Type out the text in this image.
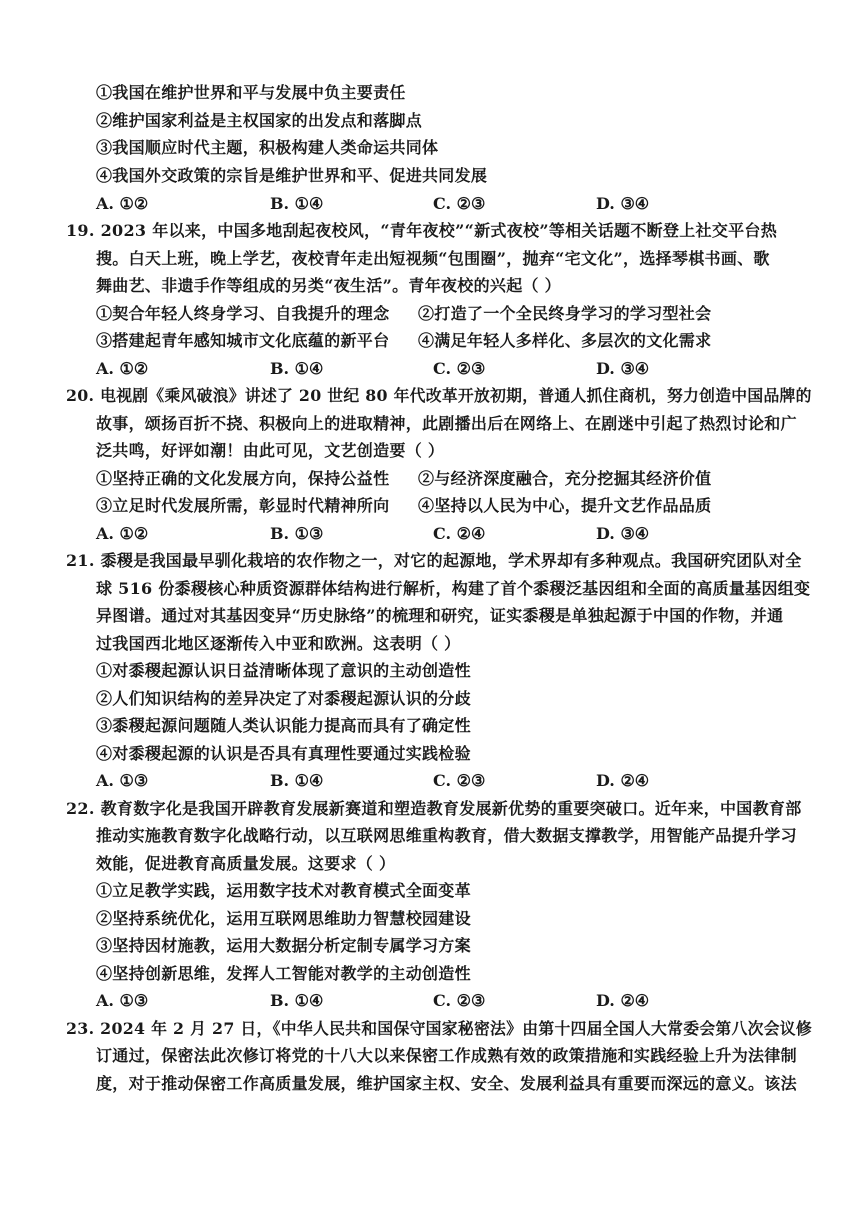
①我国在维护世界和平与发展中负主要责任
②维护国家利益是主权国家的出发点和落脚点
③我国顺应时代主题，积极构建人类命运共同体
④我国外交政策的宗旨是维护世界和平、促进共同发展
A. ①②	B. ①④	C. ②③	D. ③④
19. 2023 年以来，中国多地刮起夜校风，“青年夜校”“新式夜校”等相关话题不断登上社交平台热
搜。白天上班，晚上学艺，夜校青年走出短视频“包围圈”，抛弃“宅文化”，选择琴棋书画、歌
舞曲艺、非遗手作等组成的另类“夜生活”。青年夜校的兴起（ ）
①契合年轻人终身学习、自我提升的理念 ②打造了一个全民终身学习的学习型社会
③搭建起青年感知城市文化底蕴的新平台 ④满足年轻人多样化、多层次的文化需求
A. ①②	B. ①④	C. ②③	D. ③④
20. 电视剧《乘风破浪》讲述了 20 世纪 80 年代改革开放初期，普通人抓住商机，努力创造中国品牌的
故事，颂扬百折不挠、积极向上的进取精神，此剧播出后在网络上、在剧迷中引起了热烈讨论和广
泛共鸣，好评如潮！由此可见，文艺创造要（ ）
①坚持正确的文化发展方向，保持公益性 ②与经济深度融合，充分挖掘其经济价值
③立足时代发展所需，彰显时代精神所向 ④坚持以人民为中心，提升文艺作品品质
A. ①②	B. ①③	C. ②④	D. ③④
21. 黍稷是我国最早驯化栽培的农作物之一，对它的起源地，学术界却有多种观点。我国研究团队对全
球 516 份黍稷核心种质资源群体结构进行解析，构建了首个黍稷泛基因组和全面的高质量基因组变
异图谱。通过对其基因变异“历史脉络”的梳理和研究，证实黍稷是单独起源于中国的作物，并通
过我国西北地区逐渐传入中亚和欧洲。这表明（ ）
①对黍稷起源认识日益清晰体现了意识的主动创造性
②人们知识结构的差异决定了对黍稷起源认识的分歧
③黍稷起源问题随人类认识能力提高而具有了确定性
④对黍稷起源的认识是否具有真理性要通过实践检验
A. ①③	B. ①④	C. ②③	D. ②④
22. 教育数字化是我国开辟教育发展新赛道和塑造教育发展新优势的重要突破口。近年来，中国教育部
推动实施教育数字化战略行动，以互联网思维重构教育，借大数据支撑教学，用智能产品提升学习
效能，促进教育高质量发展。这要求（ ）
①立足教学实践，运用数字技术对教育模式全面变革
②坚持系统优化，运用互联网思维助力智慧校园建设
③坚持因材施教，运用大数据分析定制专属学习方案
④坚持创新思维，发挥人工智能对教学的主动创造性
A. ①③	B. ①④	C. ②③	D. ②④
23. 2024 年 2 月 27 日，《中华人民共和国保守国家秘密法》由第十四届全国人大常委会第八次会议修
订通过，保密法此次修订将党的十八大以来保密工作成熟有效的政策措施和实践经验上升为法律制
度，对于推动保密工作高质量发展，维护国家主权、安全、发展利益具有重要而深远的意义。该法
